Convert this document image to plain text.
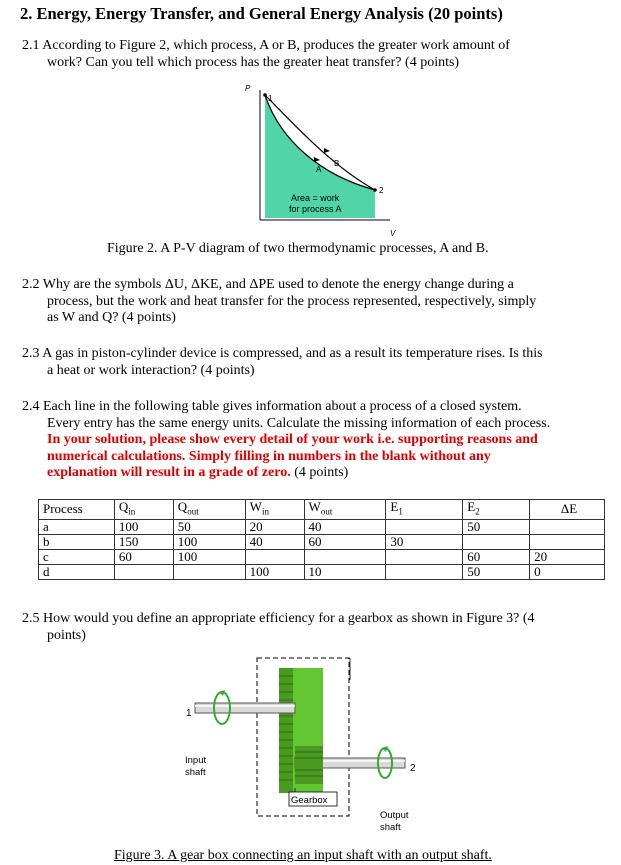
2. Energy, Energy Transfer, and General Energy Analysis (20 points)

2.1 According to Figure 2, which process, A or B, produces the greater work amount of

work? Can you tell which process has the greater heat transfer? (4 points)

P
V
1
2
A
B
Area = work
for process A
Figure 2. A P-V diagram of two thermodynamic processes, A and B.

2.2 Why are the symbols ΔU, ΔKE, and ΔPE used to denote the energy change during a

process, but the work and heat transfer for the process represented, respectively, simply

as W and Q? (4 points)

2.3 A gas in piston-cylinder device is compressed, and as a result its temperature rises. Is this

a heat or work interaction? (4 points)

2.4 Each line in the following table gives information about a process of a closed system.

Every entry has the same energy units. Calculate the missing information of each process.

In your solution, please show every detail of your work i.e. supporting reasons and

numerical calculations. Simply filling in numbers in the blank without any

explanation will result in a grade of zero. (4 points)

Process	$Q_{in}$	$Q_{out}$	$W_{in}$	$W_{out}$	$E_1$	$E_2$	ΔE
a	100	50	20	40		50	
b	150	100	40	60	30		
c	60	100				60	20
d			100	10		50	0

2.5 How would you define an appropriate efficiency for a gearbox as shown in Figure 3? (4

points)

Gearbox
1
2
Input
shaft
Output
shaft
Figure 3. A gear box connecting an input shaft with an output shaft.
